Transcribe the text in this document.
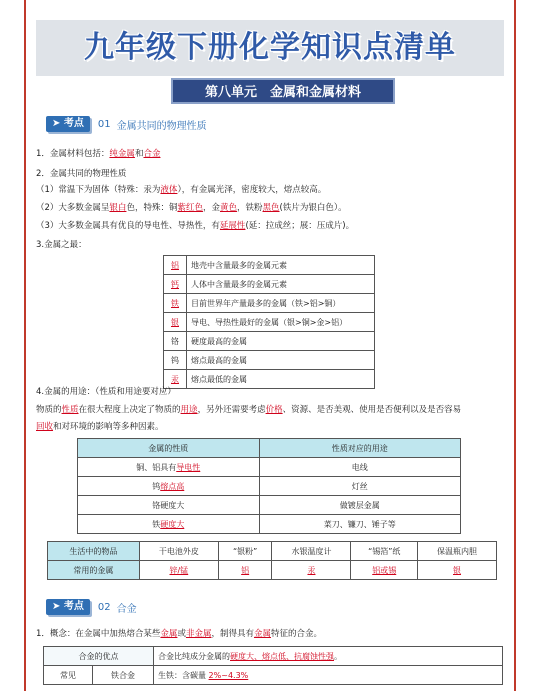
九年级下册化学知识点清单
第八单元　金属和金属材料
➤ 考点	01 金属共同的物理性质
1．金属材料包括：纯金属和合金
2．金属共同的物理性质
（1）常温下为固体（特殊：汞为液体），有金属光泽，密度较大，熔点较高。
（2）大多数金属呈银白色，特殊：铜紫红色，金黄色，铁粉黑色(铁片为银白色）。
（3）大多数金属具有优良的导电性、导热性，有延展性(延：拉成丝；展：压成片)。
3.金属之最：
铝	地壳中含量最多的金属元素
钙	人体中含量最多的金属元素
铁	目前世界年产量最多的金属（铁>铝>铜）
银	导电、导热性最好的金属（银>铜>金>铝）
铬	硬度最高的金属
钨	熔点最高的金属
汞	熔点最低的金属
4.金属的用途：（性质和用途要对应）
物质的性质在很大程度上决定了物质的用途，另外还需要考虑价格、资源、是否美观、使用是否便利以及是否容易
回收和对环境的影响等多种因素。
金属的性质	性质对应的用途
铜、铝具有导电性	电线
钨熔点高	灯丝
铬硬度大	做镀层金属
铁硬度大	菜刀、镰刀、锤子等
生活中的物品	干电池外皮	“银粉”	水银温度计	“锡箔”纸	保温瓶内胆
常用的金属	锌/锰	铝	汞	铝或锡	银
➤ 考点	02 合金
1．概念：在金属中加热熔合某些金属或非金属，制得具有金属特征的合金。
合金的优点		合金比纯成分金属的硬度大、熔点低、抗腐蚀性强。
常见	铁合金	生铁：含碳量 2%~4.3%
